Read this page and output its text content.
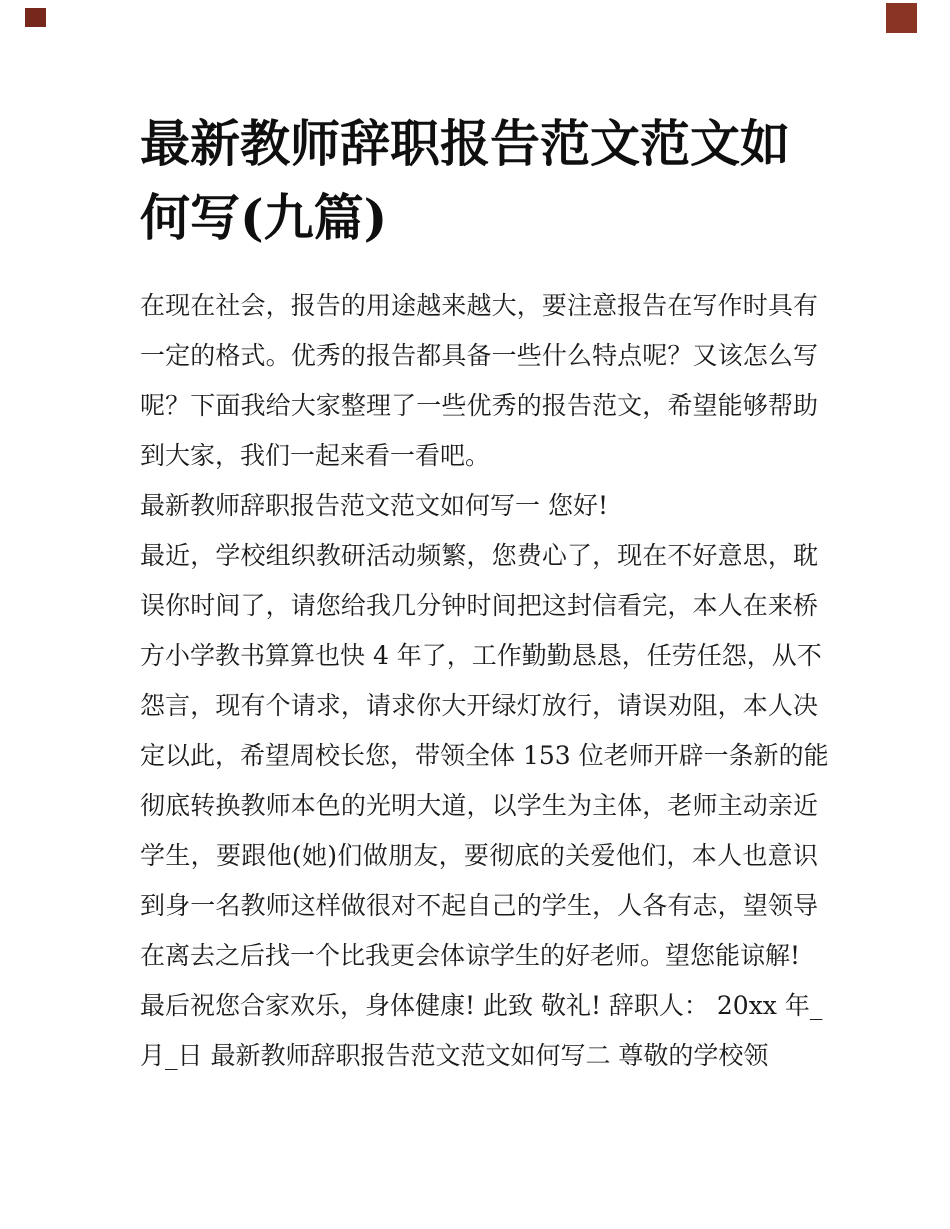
最新教师辞职报告范文范文如
何写(九篇)

在现在社会，报告的用途越来越大，要注意报告在写作时具有

一定的格式。优秀的报告都具备一些什么特点呢？又该怎么写

呢？下面我给大家整理了一些优秀的报告范文，希望能够帮助

到大家，我们一起来看一看吧。

最新教师辞职报告范文范文如何写一 您好!

最近，学校组织教研活动频繁，您费心了，现在不好意思，耽

误你时间了，请您给我几分钟时间把这封信看完，本人在来桥

方小学教书算算也快 4 年了，工作勤勤恳恳，任劳任怨，从不

怨言，现有个请求，请求你大开绿灯放行，请误劝阻，本人决

定以此，希望周校长您，带领全体 153 位老师开辟一条新的能

彻底转换教师本色的光明大道，以学生为主体，老师主动亲近

学生，要跟他(她)们做朋友，要彻底的关爱他们，本人也意识

到身一名教师这样做很对不起自己的学生，人各有志，望领导

在离去之后找一个比我更会体谅学生的好老师。望您能谅解!

最后祝您合家欢乐，身体健康! 此致 敬礼! 辞职人： 20xx 年_

月_日 最新教师辞职报告范文范文如何写二 尊敬的学校领
